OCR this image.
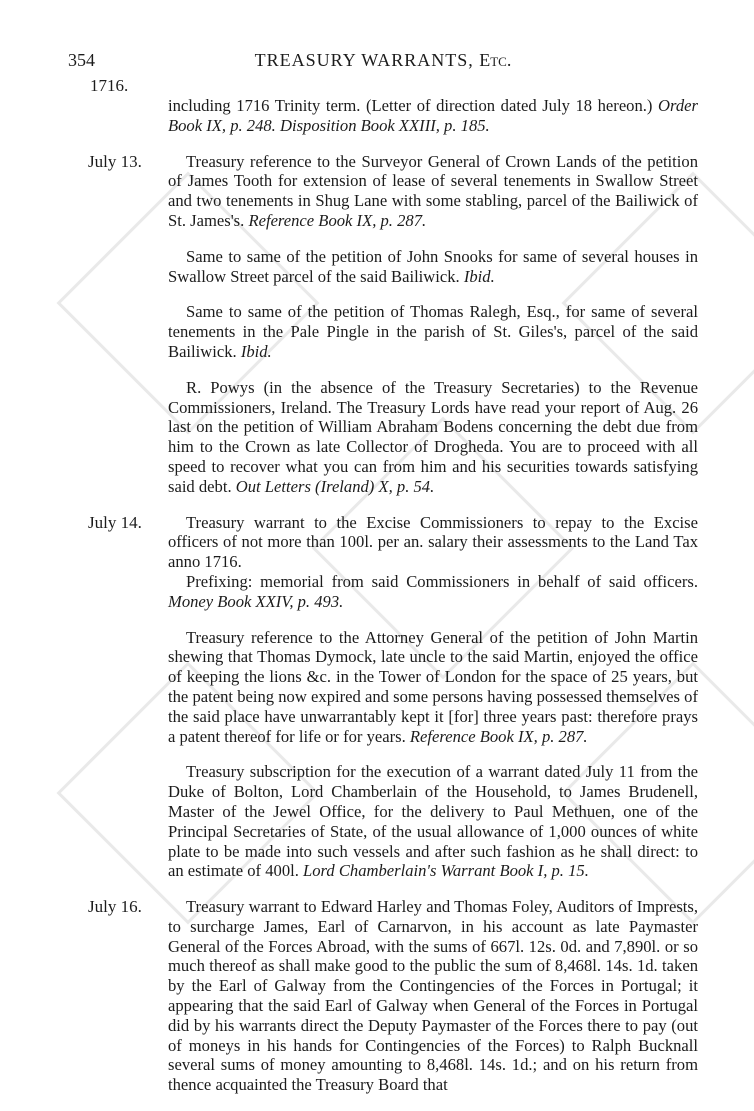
354	TREASURY WARRANTS, Etc.
1716.

including 1716 Trinity term. (Letter of direction dated July 18 hereon.) Order Book IX, p. 248. Disposition Book XXIII, p. 185.

July 13.	Treasury reference to the Surveyor General of Crown Lands of the petition of James Tooth for extension of lease of several tenements in Swallow Street and two tenements in Shug Lane with some stabling, parcel of the Bailiwick of St. James's. Reference Book IX, p. 287.

Same to same of the petition of John Snooks for same of several houses in Swallow Street parcel of the said Bailiwick. Ibid.

Same to same of the petition of Thomas Ralegh, Esq., for same of several tenements in the Pale Pingle in the parish of St. Giles's, parcel of the said Bailiwick. Ibid.

R. Powys (in the absence of the Treasury Secretaries) to the Revenue Commissioners, Ireland. The Treasury Lords have read your report of Aug. 26 last on the petition of William Abraham Bodens concerning the debt due from him to the Crown as late Collector of Drogheda. You are to proceed with all speed to recover what you can from him and his securities towards satisfying said debt. Out Letters (Ireland) X, p. 54.

July 14.	Treasury warrant to the Excise Commissioners to repay to the Excise officers of not more than 100l. per an. salary their assessments to the Land Tax anno 1716.

Prefixing: memorial from said Commissioners in behalf of said officers. Money Book XXIV, p. 493.

Treasury reference to the Attorney General of the petition of John Martin shewing that Thomas Dymock, late uncle to the said Martin, enjoyed the office of keeping the lions &c. in the Tower of London for the space of 25 years, but the patent being now expired and some persons having possessed themselves of the said place have unwarrantably kept it [for] three years past: therefore prays a patent thereof for life or for years. Reference Book IX, p. 287.

Treasury subscription for the execution of a warrant dated July 11 from the Duke of Bolton, Lord Chamberlain of the Household, to James Brudenell, Master of the Jewel Office, for the delivery to Paul Methuen, one of the Principal Secretaries of State, of the usual allowance of 1,000 ounces of white plate to be made into such vessels and after such fashion as he shall direct: to an estimate of 400l. Lord Chamberlain's Warrant Book I, p. 15.

July 16.	Treasury warrant to Edward Harley and Thomas Foley, Auditors of Imprests, to surcharge James, Earl of Carnarvon, in his account as late Paymaster General of the Forces Abroad, with the sums of 667l. 12s. 0d. and 7,890l. or so much thereof as shall make good to the public the sum of 8,468l. 14s. 1d. taken by the Earl of Galway from the Contingencies of the Forces in Portugal; it appearing that the said Earl of Galway when General of the Forces in Portugal did by his warrants direct the Deputy Paymaster of the Forces there to pay (out of moneys in his hands for Contingencies of the Forces) to Ralph Bucknall several sums of money amounting to 8,468l. 14s. 1d.; and on his return from thence acquainted the Treasury Board that
